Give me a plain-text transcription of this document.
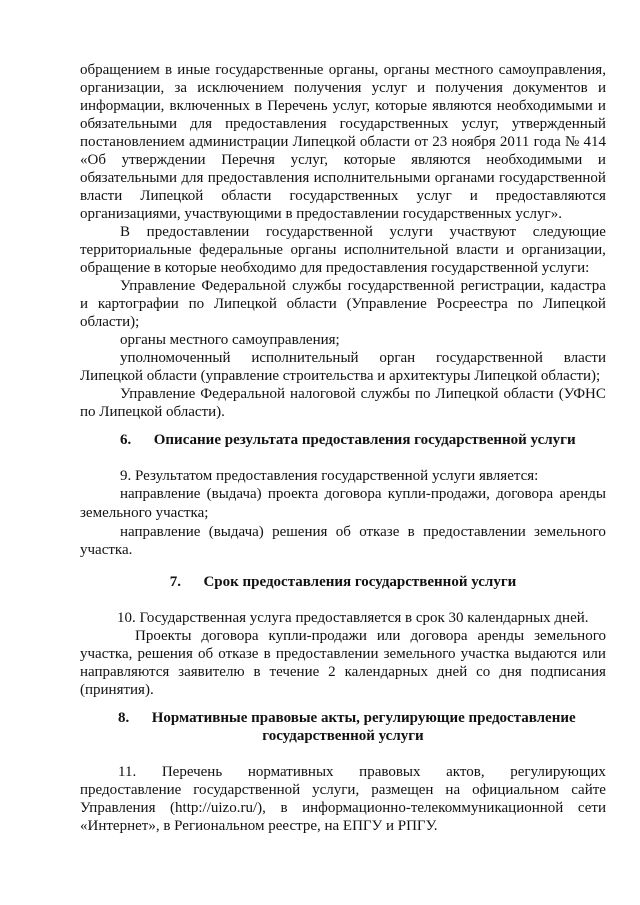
обращением в иные государственные органы, органы местного самоуправления,
организации, за исключением получения услуг и получения документов и
информации, включенных в Перечень услуг, которые являются необходимыми и
обязательными для предоставления государственных услуг, утвержденный
постановлением администрации Липецкой области от 23 ноября 2011 года № 414
«Об утверждении Перечня услуг, которые являются необходимыми и
обязательными для предоставления исполнительными органами государственной
власти Липецкой области государственных услуг и предоставляются
организациями, участвующими в предоставлении государственных услуг».
В предоставлении государственной услуги участвуют следующие
территориальные федеральные органы исполнительной власти и организации,
обращение в которые необходимо для предоставления государственной услуги:
Управление Федеральной службы государственной регистрации, кадастра
и картографии по Липецкой области (Управление Росреестра по Липецкой
области);
органы местного самоуправления;
уполномоченный исполнительный орган государственной власти
Липецкой области (управление строительства и архитектуры Липецкой области);
Управление Федеральной налоговой службы по Липецкой области (УФНС
по Липецкой области).
6.      Описание результата предоставления государственной услуги
9. Результатом предоставления государственной услуги является:
направление (выдача) проекта договора купли-продажи, договора аренды
земельного участка;
направление (выдача) решения об отказе в предоставлении земельного
участка.
7.      Срок предоставления государственной услуги
10. Государственная услуга предоставляется в срок 30 календарных дней.
Проекты договора купли-продажи или договора аренды земельного
участка, решения об отказе в предоставлении земельного участка выдаются или
направляются заявителю в течение 2 календарных дней со дня подписания
(принятия).
8.      Нормативные правовые акты, регулирующие предоставление
государственной услуги
11. Перечень нормативных правовых актов, регулирующих
предоставление государственной услуги, размещен на официальном сайте
Управления (http://uizo.ru/), в информационно-телекоммуникационной сети
«Интернет», в Региональном реестре, на ЕПГУ и РПГУ.
